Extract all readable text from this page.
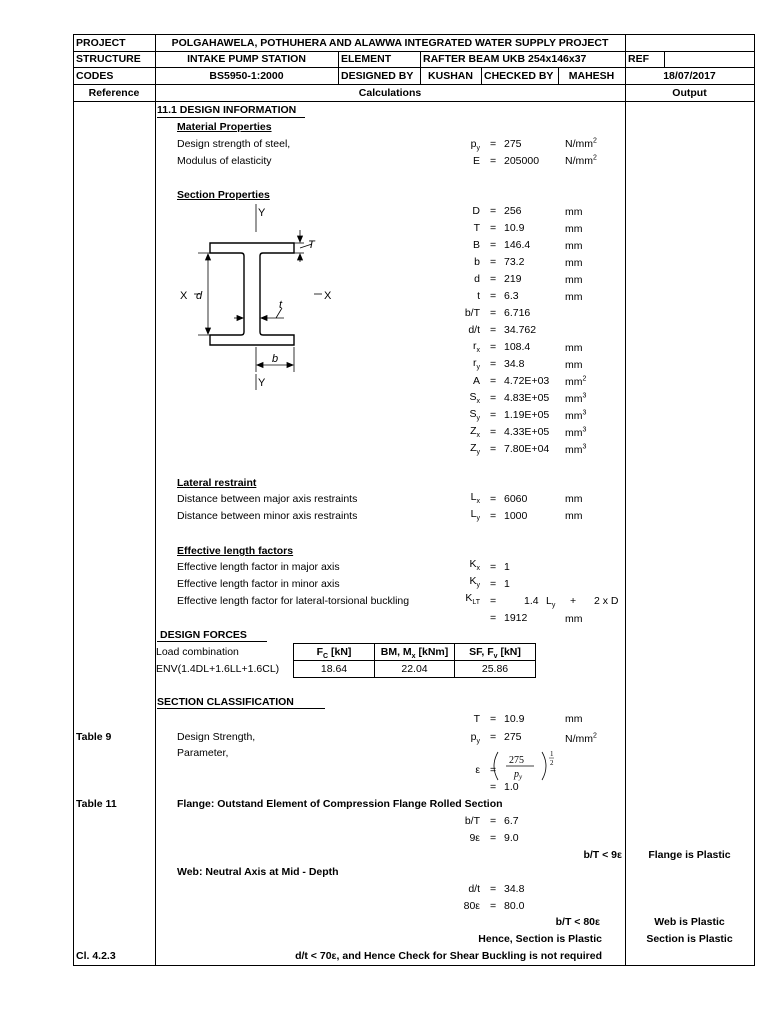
PROJECT	POLGAHAWELA, POTHUHERA AND ALAWWA INTEGRATED WATER SUPPLY PROJECT
STRUCTURE	INTAKE PUMP STATION	ELEMENT	RAFTER BEAM UKB 254x146x37	REF
CODES	BS5950-1:2000	DESIGNED BY	KUSHAN	CHECKED BY	MAHESH	18/07/2017
Reference	Calculations	Output
11.1 DESIGN INFORMATION
Material Properties
Design strength of steel,	$p_y = 275$	$N/mm^2$
Modulus of elasticity	E = 205000 $N/mm^2$
Section Properties
Y
Y
X	X
d
t
T
b
D = 256	mm
T = 10.9	mm
B = 146.4	mm
b = 73.2	mm
d = 219	mm
t = 6.3	mm
b/T = 6.716
d/t = 34.762
$r_x = 108.4$	mm
$r_y = 34.8$	mm
A = 4.72E+03 $mm^2$
$S_x = 4.83E+05$ $mm^3$
$S_y = 1.19E+05$ $mm^3$
$Z_x = 4.33E+05$ $mm^3$
$Z_y = 7.80E+04$ $mm^3$
Lateral restraint
Distance between major axis restraints	$L_x = 6060$	mm
Distance between minor axis restraints	$L_y = 1000$	mm
Effective length factors
Effective length factor in major axis	$K_x = 1$
Effective length factor in minor axis	$K_y = 1$
Effective length factor for lateral-torsional buckling	$K_{LT}$ =	1.4 $L_y + 2$ x D
= 1912	mm
DESIGN FORCES
Load combination	$F_C$ [kN]	BM, $M_x$ [kNm]	SF, $F_v$ [kN]
ENV(1.4DL+1.6LL+1.6CL)	18.64	22.04	25.86
SECTION CLASSIFICATION
T = 10.9	mm
Table 9	Design Strength,	$p_y = 275$	$N/mm^2$
Parameter,
ε =
275
$p_y$
1
2
= 1.0
Table 11	Flange: Outstand Element of Compression Flange Rolled Section
b/T = 6.7
9ε = 9.0
b/T < 9ε	Flange is Plastic
Web: Neutral Axis at Mid - Depth
d/t = 34.8
80ε = 80.0
b/T < 80ε	Web is Plastic
Hence, Section is Plastic	Section is Plastic
Cl. 4.2.3	d/t < 70ε, and Hence Check for Shear Buckling is not required
